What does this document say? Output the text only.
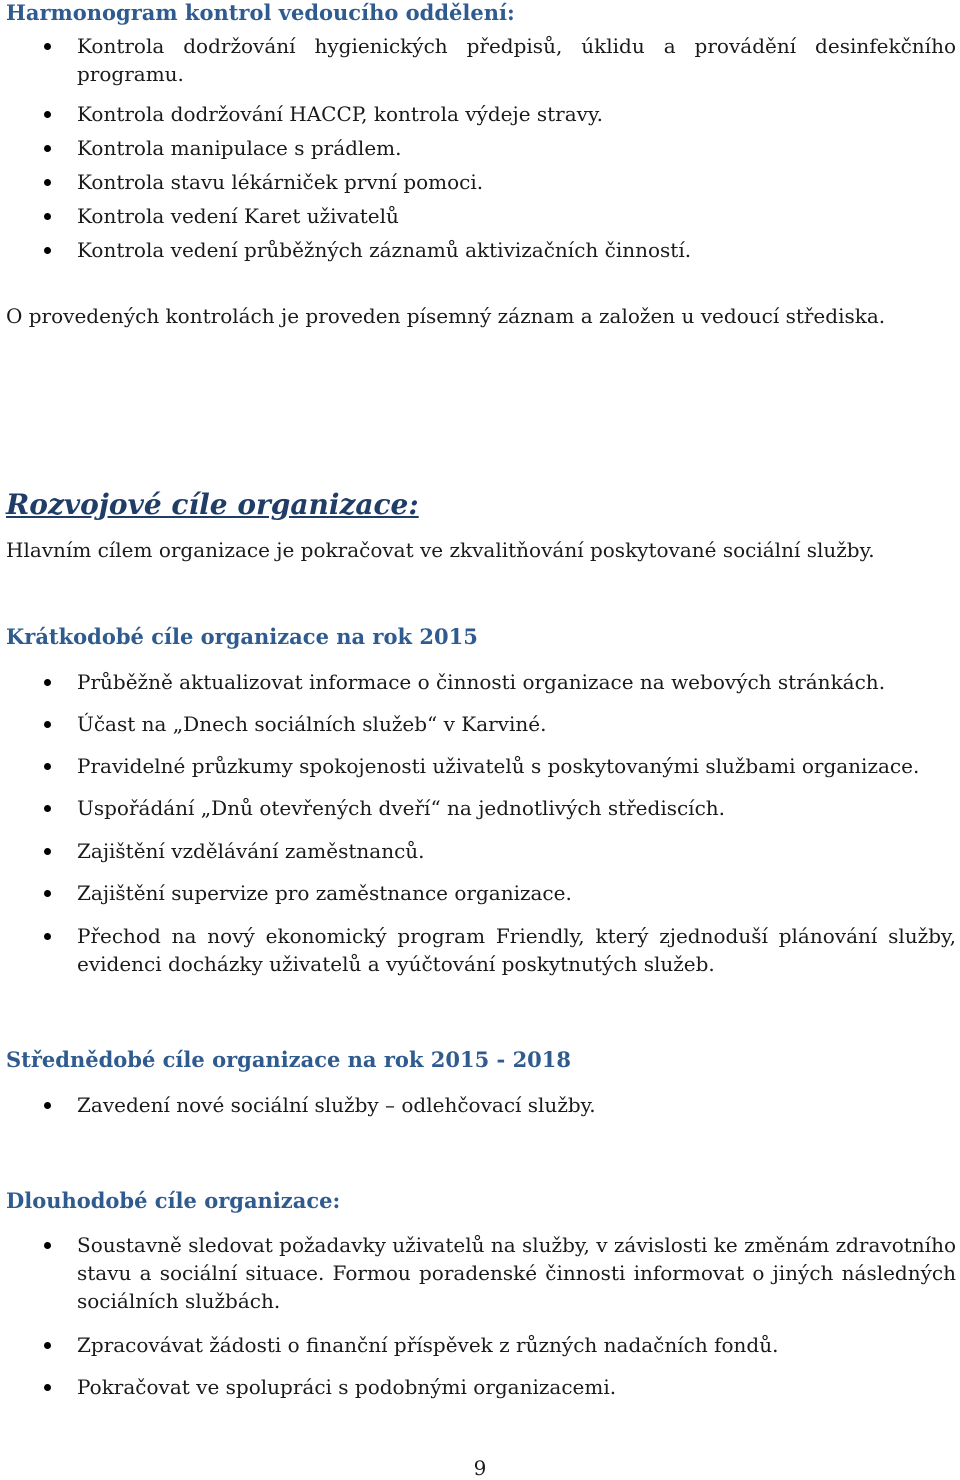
Harmonogram kontrol vedoucího oddělení:
Kontrola dodržování hygienických předpisů, úklidu a provádění desinfekčního programu.
Kontrola dodržování HACCP, kontrola výdeje stravy.
Kontrola manipulace s prádlem.
Kontrola stavu lékárniček první pomoci.
Kontrola vedení Karet uživatelů
Kontrola vedení průběžných záznamů aktivizačních činností.
O provedených kontrolách je proveden písemný záznam a založen u vedoucí střediska.
Rozvojové cíle organizace:
Hlavním cílem organizace je pokračovat ve zkvalitňování poskytované sociální služby.
Krátkodobé cíle organizace na rok 2015
Průběžně aktualizovat informace o činnosti organizace na webových stránkách.
Účast na „Dnech sociálních služeb“ v Karviné.
Pravidelné průzkumy spokojenosti uživatelů s poskytovanými službami organizace.
Uspořádání „Dnů otevřených dveří“ na jednotlivých střediscích.
Zajištění vzdělávání zaměstnanců.
Zajištění supervize pro zaměstnance organizace.
Přechod na nový ekonomický program Friendly, který zjednoduší plánování služby, evidenci docházky uživatelů a vyúčtování poskytnutých služeb.
Střednědobé cíle organizace na rok 2015 - 2018
Zavedení nové sociální služby – odlehčovací služby.
Dlouhodobé cíle organizace:
Soustavně sledovat požadavky uživatelů na služby, v závislosti ke změnám zdravotního stavu a sociální situace. Formou poradenské činnosti informovat o jiných následných sociálních službách.
Zpracovávat žádosti o finanční příspěvek z různých nadačních fondů.
Pokračovat ve spolupráci s podobnými organizacemi.
9
